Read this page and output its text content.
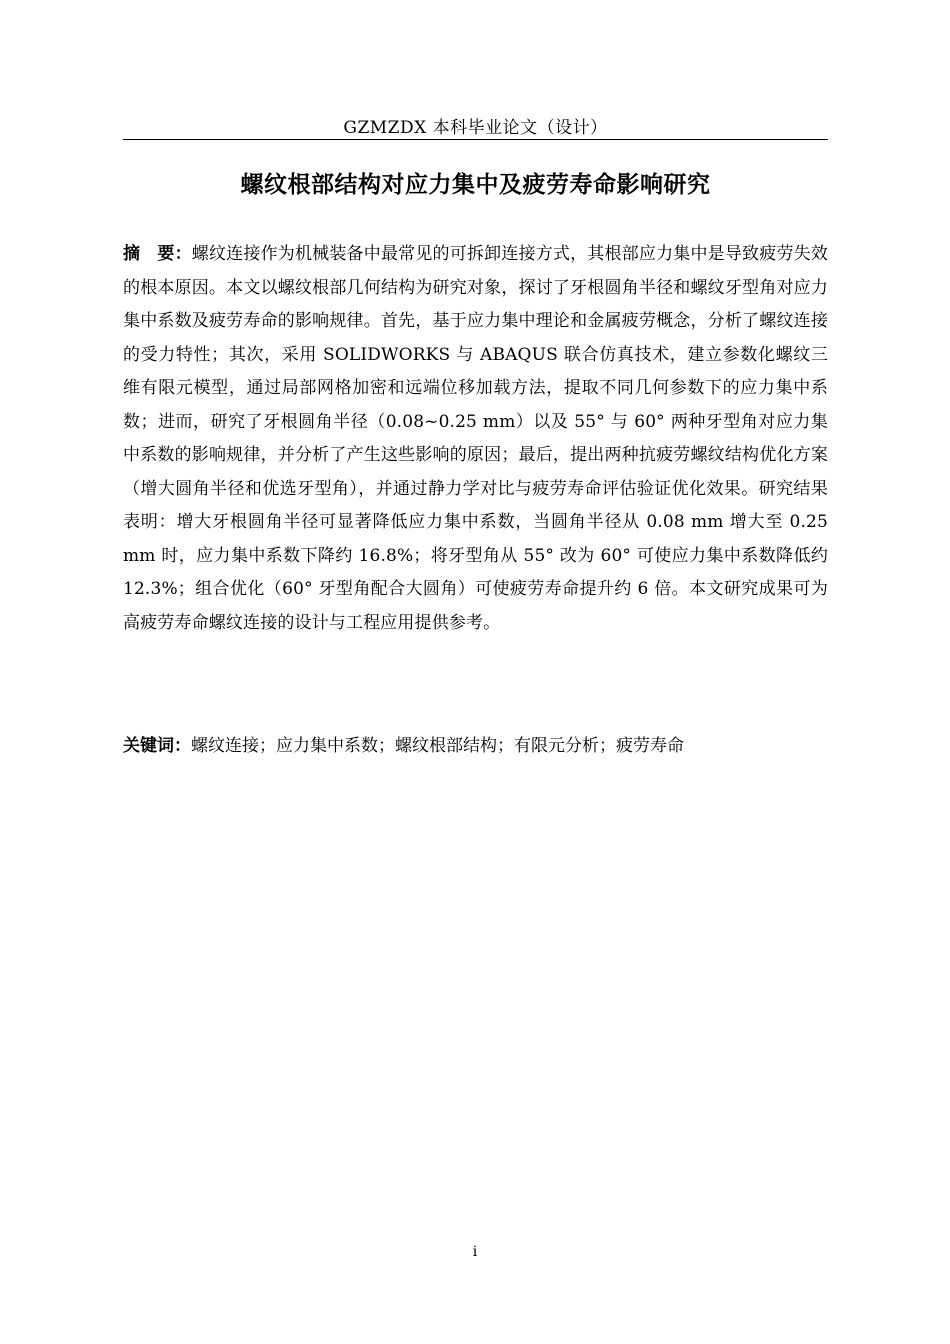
GZMZDX 本科毕业论文（设计）
螺纹根部结构对应力集中及疲劳寿命影响研究
摘　要：螺纹连接作为机械装备中最常见的可拆卸连接方式，其根部应力集中是导致疲劳失效的根本原因。本文以螺纹根部几何结构为研究对象，探讨了牙根圆角半径和螺纹牙型角对应力集中系数及疲劳寿命的影响规律。首先，基于应力集中理论和金属疲劳概念，分析了螺纹连接的受力特性；其次，采用 SOLIDWORKS 与 ABAQUS 联合仿真技术，建立参数化螺纹三维有限元模型，通过局部网格加密和远端位移加载方法，提取不同几何参数下的应力集中系数；进而，研究了牙根圆角半径（0.08~0.25 mm）以及 55° 与 60° 两种牙型角对应力集中系数的影响规律，并分析了产生这些影响的原因；最后，提出两种抗疲劳螺纹结构优化方案（增大圆角半径和优选牙型角），并通过静力学对比与疲劳寿命评估验证优化效果。研究结果表明：增大牙根圆角半径可显著降低应力集中系数，当圆角半径从 0.08 mm 增大至 0.25 mm 时，应力集中系数下降约 16.8%；将牙型角从 55° 改为 60° 可使应力集中系数降低约 12.3%；组合优化（60° 牙型角配合大圆角）可使疲劳寿命提升约 6 倍。本文研究成果可为高疲劳寿命螺纹连接的设计与工程应用提供参考。
关键词：螺纹连接；应力集中系数；螺纹根部结构；有限元分析；疲劳寿命
i
